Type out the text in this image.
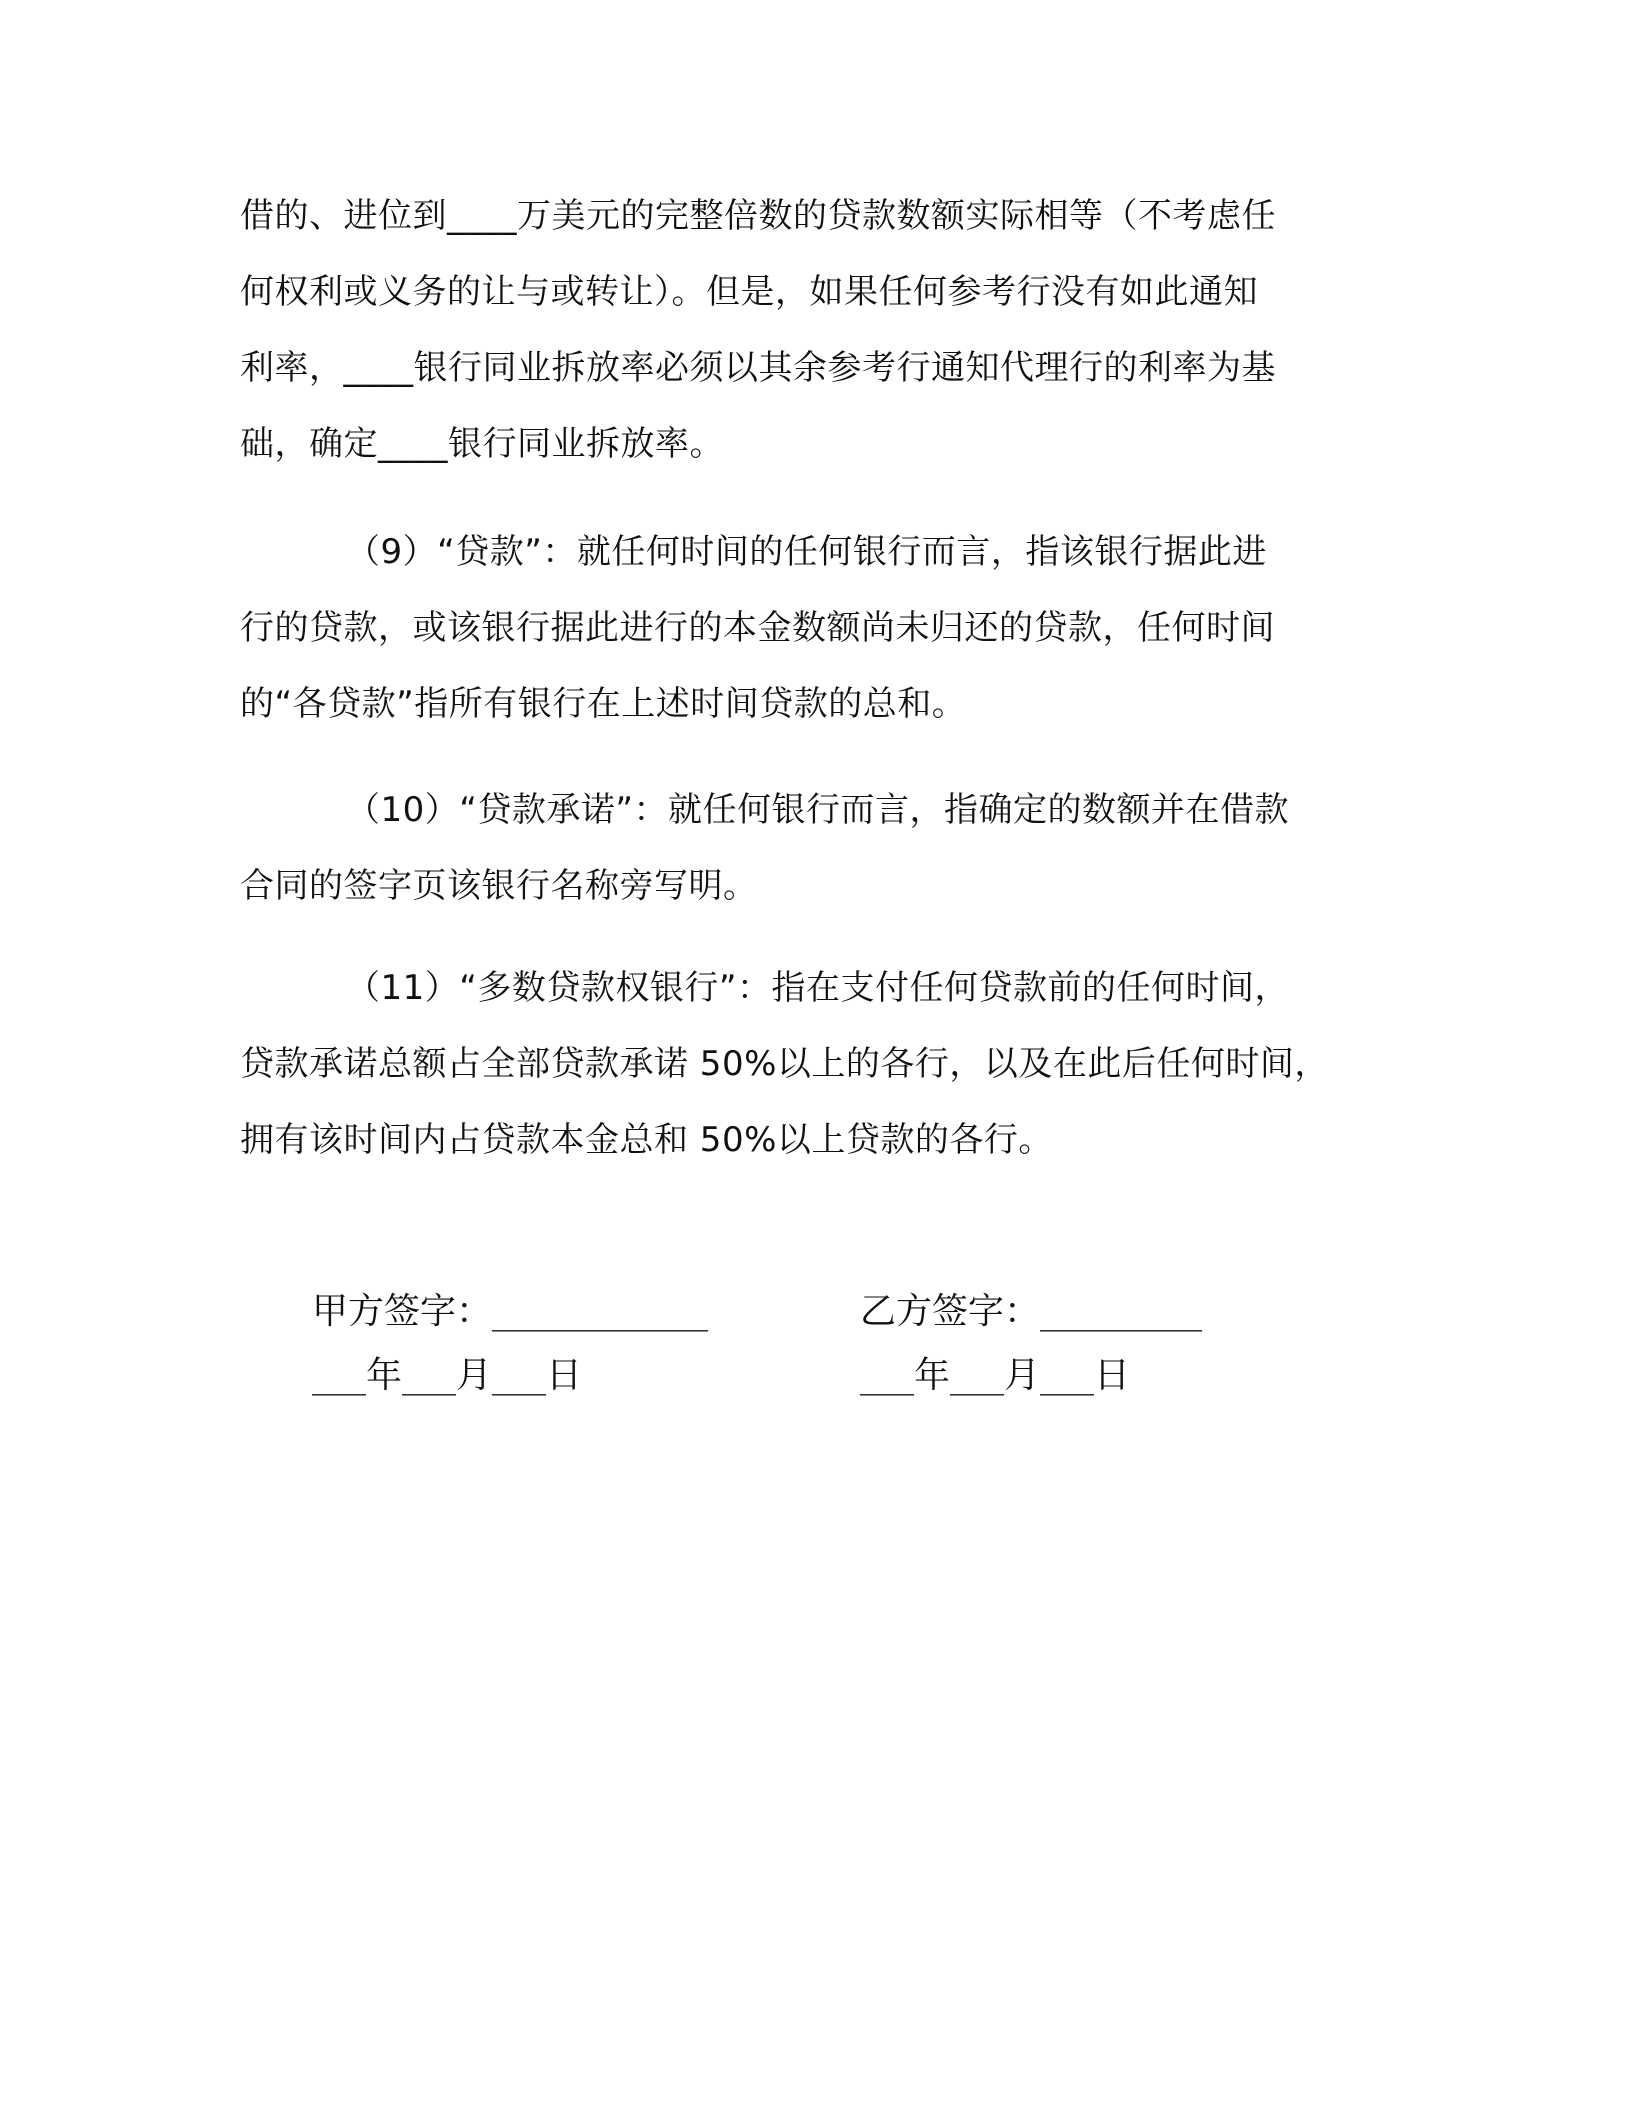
借的、进位到____万美元的完整倍数的贷款数额实际相等（不考虑任
何权利或义务的让与或转让）。但是，如果任何参考行没有如此通知
利率，____银行同业拆放率必须以其余参考行通知代理行的利率为基
础，确定____银行同业拆放率。

（9）“贷款”：就任何时间的任何银行而言，指该银行据此进
行的贷款，或该银行据此进行的本金数额尚未归还的贷款，任何时间
的“各贷款”指所有银行在上述时间贷款的总和。

（10）“贷款承诺”：就任何银行而言，指确定的数额并在借款
合同的签字页该银行名称旁写明。

（11）“多数贷款权银行”：指在支付任何贷款前的任何时间，
贷款承诺总额占全部贷款承诺 50%以上的各行，以及在此后任何时间，
拥有该时间内占贷款本金总和 50%以上贷款的各行。

甲方签字：____________
___年___月___日
乙方签字：_________
___年___月___日
